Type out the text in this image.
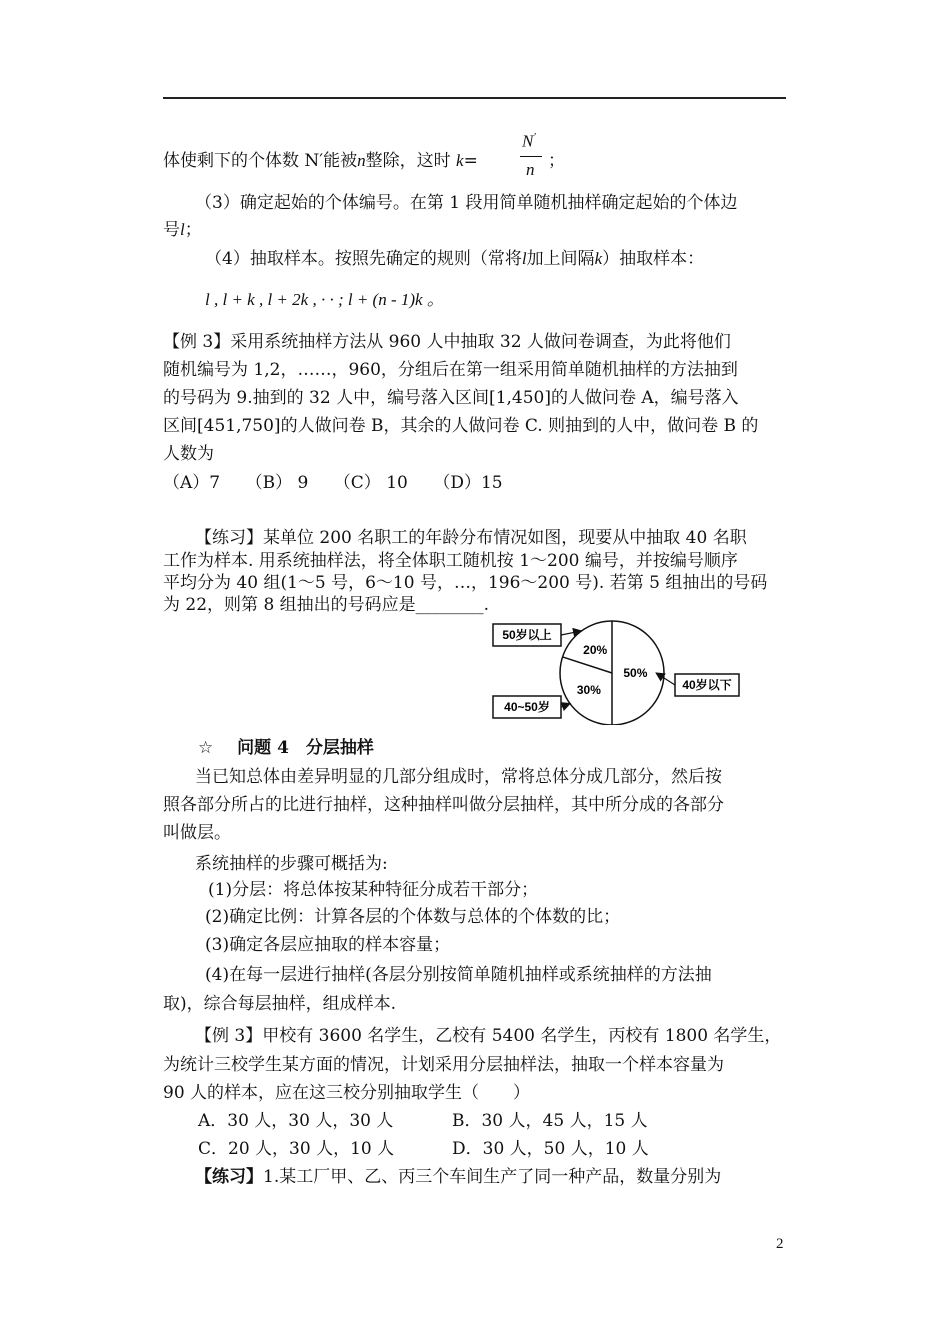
体使剩下的个体数 N′能被n整除，这时 k=
N′
n ；
（3）确定起始的个体编号。在第 1 段用简单随机抽样确定起始的个体边
号l；
（4）抽取样本。按照先确定的规则（常将l加上间隔k）抽取样本：
l , l + k , l + 2k , · · ; l + (n - 1)k 。
【例 3】采用系统抽样方法从 960 人中抽取 32 人做问卷调查，为此将他们
随机编号为 1,2，……，960，分组后在第一组采用简单随机抽样的方法抽到
的号码为 9.抽到的 32 人中，编号落入区间[1,450]的人做问卷 A，编号落入
区间[451,750]的人做问卷 B，其余的人做问卷 C. 则抽到的人中，做问卷 B 的
人数为
（A）7　　（B） 9　　（C） 10　　（D）15
【练习】某单位 200 名职工的年龄分布情况如图，现要从中抽取 40 名职
工作为样本. 用系统抽样法，将全体职工随机按 1～200 编号，并按编号顺序
平均分为 40 组(1～5 号，6～10 号，…，196～200 号). 若第 5 组抽出的号码
为 22，则第 8 组抽出的号码应是________.
20%
30%
50%
50岁以上
40~50岁
40岁以下
☆ 问题 4　分层抽样
当已知总体由差异明显的几部分组成时，常将总体分成几部分，然后按
照各部分所占的比进行抽样，这种抽样叫做分层抽样，其中所分成的各部分
叫做层。
系统抽样的步骤可概括为:
(1)分层：将总体按某种特征分成若干部分；
(2)确定比例：计算各层的个体数与总体的个体数的比；
(3)确定各层应抽取的样本容量；
(4)在每一层进行抽样(各层分别按简单随机抽样或系统抽样的方法抽
取)，综合每层抽样，组成样本.
【例 3】甲校有 3600 名学生，乙校有 5400 名学生，丙校有 1800 名学生，
为统计三校学生某方面的情况，计划采用分层抽样法，抽取一个样本容量为
90 人的样本，应在这三校分别抽取学生（　　）
A．30 人，30 人，30 人	B．30 人，45 人，15 人
C．20 人，30 人，10 人	D．30 人，50 人，10 人
【练习】1.某工厂甲、乙、丙三个车间生产了同一种产品，数量分别为
2
